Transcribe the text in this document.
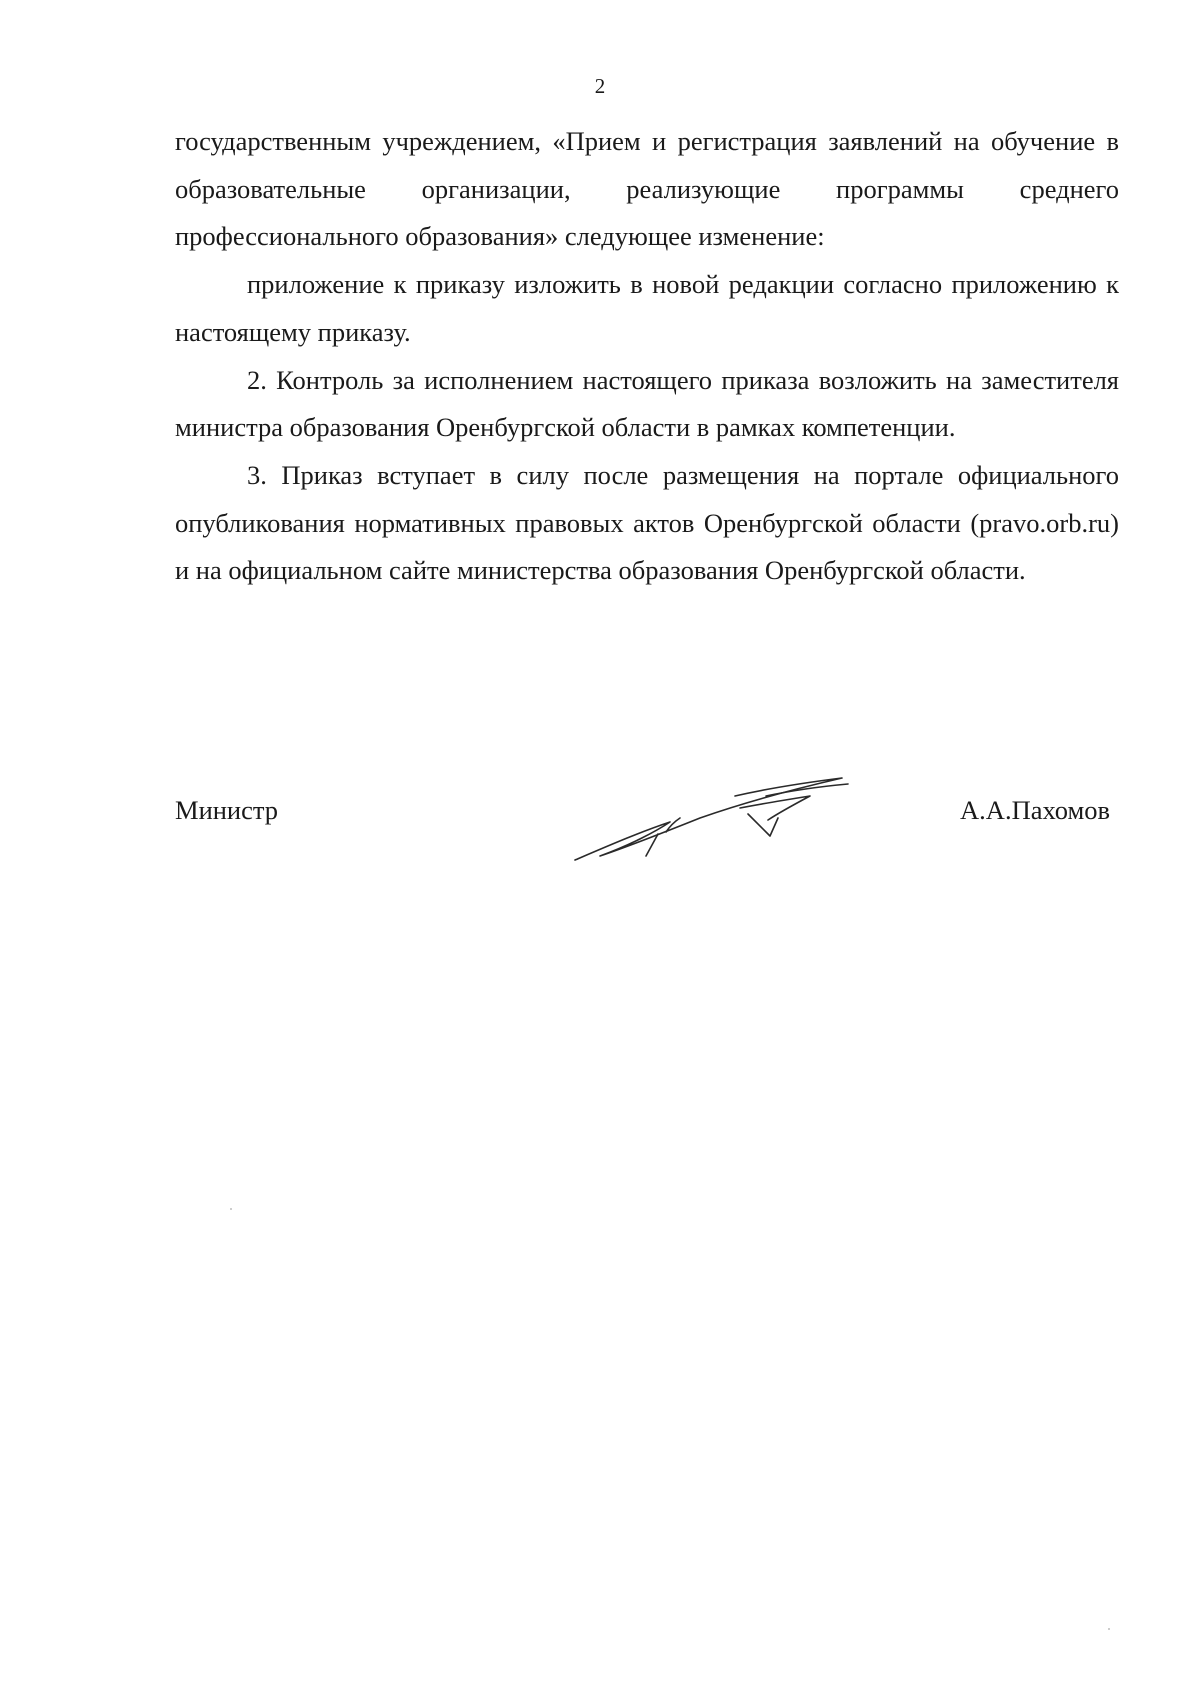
2

государственным учреждением, «Прием и регистрация заявлений на обучение в образовательные организации, реализующие программы среднего профессионального образования» следующее изменение:

приложение к приказу изложить в новой редакции согласно приложению к настоящему приказу.

2. Контроль за исполнением настоящего приказа возложить на заместителя министра образования Оренбургской области в рамках компетенции.

3. Приказ вступает в силу после размещения на портале официального опубликования нормативных правовых актов Оренбургской области (pravo.orb.ru) и на официальном сайте министерства образования Оренбургской области.

Министр	А.А.Пахомов
